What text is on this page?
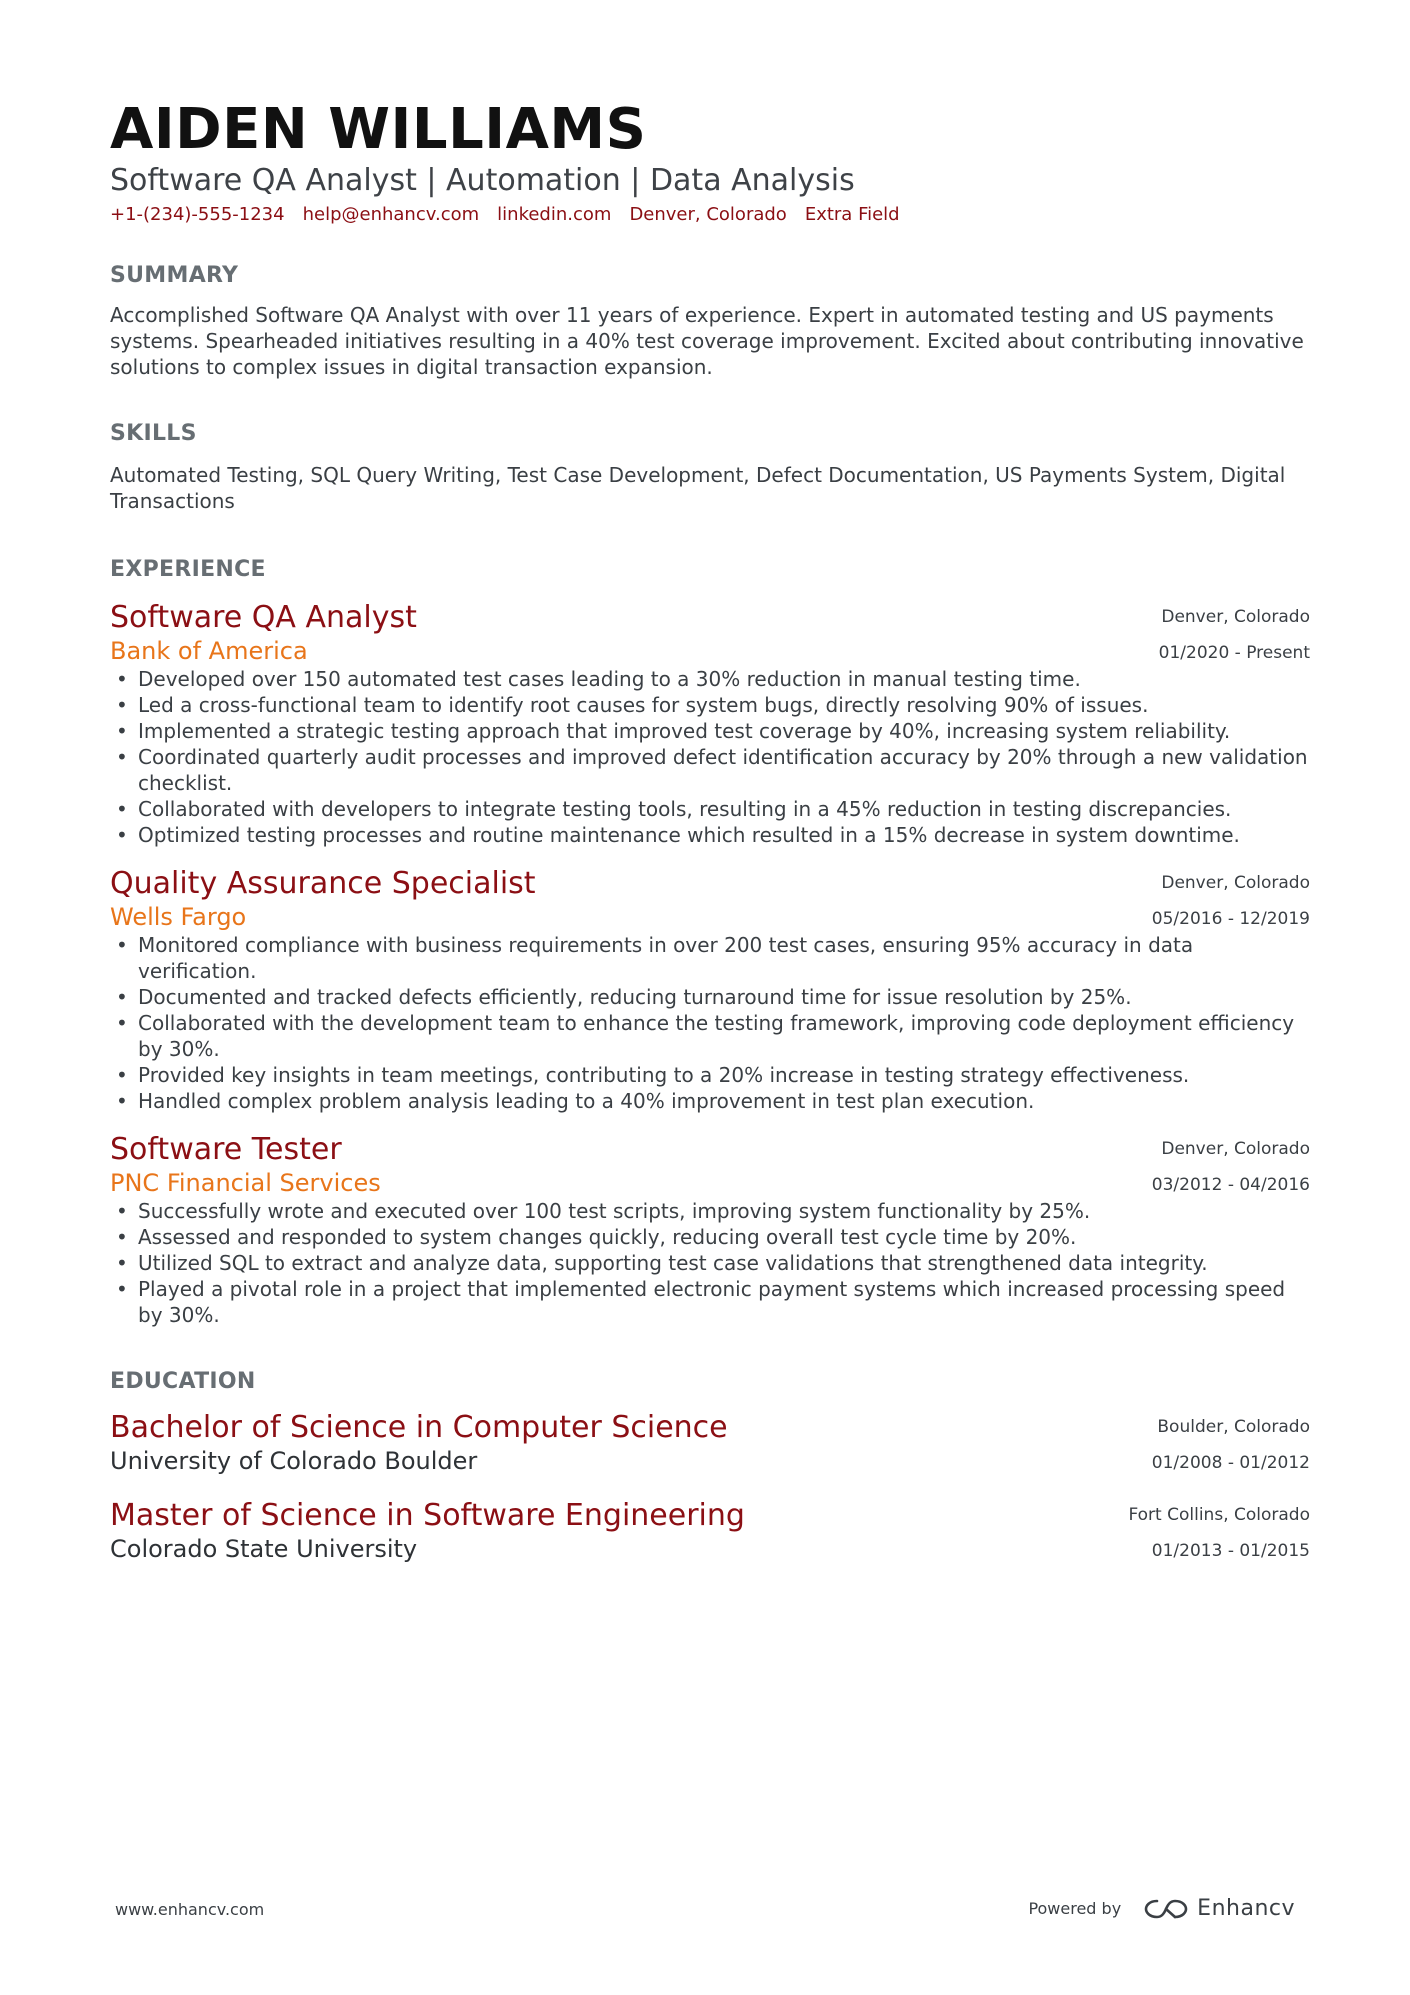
AIDEN WILLIAMS
Software QA Analyst | Automation | Data Analysis
+1-(234)-555-1234 help@enhancv.com linkedin.com Denver, Colorado Extra Field
SUMMARY
Accomplished Software QA Analyst with over 11 years of experience. Expert in automated testing and US payments systems. Spearheaded initiatives resulting in a 40% test coverage improvement. Excited about contributing innovative solutions to complex issues in digital transaction expansion.
SKILLS
Automated Testing, SQL Query Writing, Test Case Development, Defect Documentation, US Payments System, Digital Transactions
EXPERIENCE
Software QA Analyst
Bank of America
Denver, Colorado
01/2020 - Present
• Developed over 150 automated test cases leading to a 30% reduction in manual testing time.
• Led a cross-functional team to identify root causes for system bugs, directly resolving 90% of issues.
• Implemented a strategic testing approach that improved test coverage by 40%, increasing system reliability.
• Coordinated quarterly audit processes and improved defect identification accuracy by 20% through a new validation checklist.
• Collaborated with developers to integrate testing tools, resulting in a 45% reduction in testing discrepancies.
• Optimized testing processes and routine maintenance which resulted in a 15% decrease in system downtime.
Quality Assurance Specialist
Wells Fargo
Denver, Colorado
05/2016 - 12/2019
• Monitored compliance with business requirements in over 200 test cases, ensuring 95% accuracy in data verification.
• Documented and tracked defects efficiently, reducing turnaround time for issue resolution by 25%.
• Collaborated with the development team to enhance the testing framework, improving code deployment efficiency by 30%.
• Provided key insights in team meetings, contributing to a 20% increase in testing strategy effectiveness.
• Handled complex problem analysis leading to a 40% improvement in test plan execution.
Software Tester
PNC Financial Services
Denver, Colorado
03/2012 - 04/2016
• Successfully wrote and executed over 100 test scripts, improving system functionality by 25%.
• Assessed and responded to system changes quickly, reducing overall test cycle time by 20%.
• Utilized SQL to extract and analyze data, supporting test case validations that strengthened data integrity.
• Played a pivotal role in a project that implemented electronic payment systems which increased processing speed by 30%.
EDUCATION
Bachelor of Science in Computer Science
University of Colorado Boulder
Boulder, Colorado
01/2008 - 01/2012
Master of Science in Software Engineering
Colorado State University
Fort Collins, Colorado
01/2013 - 01/2015
www.enhancv.com	Powered by	Enhancv
